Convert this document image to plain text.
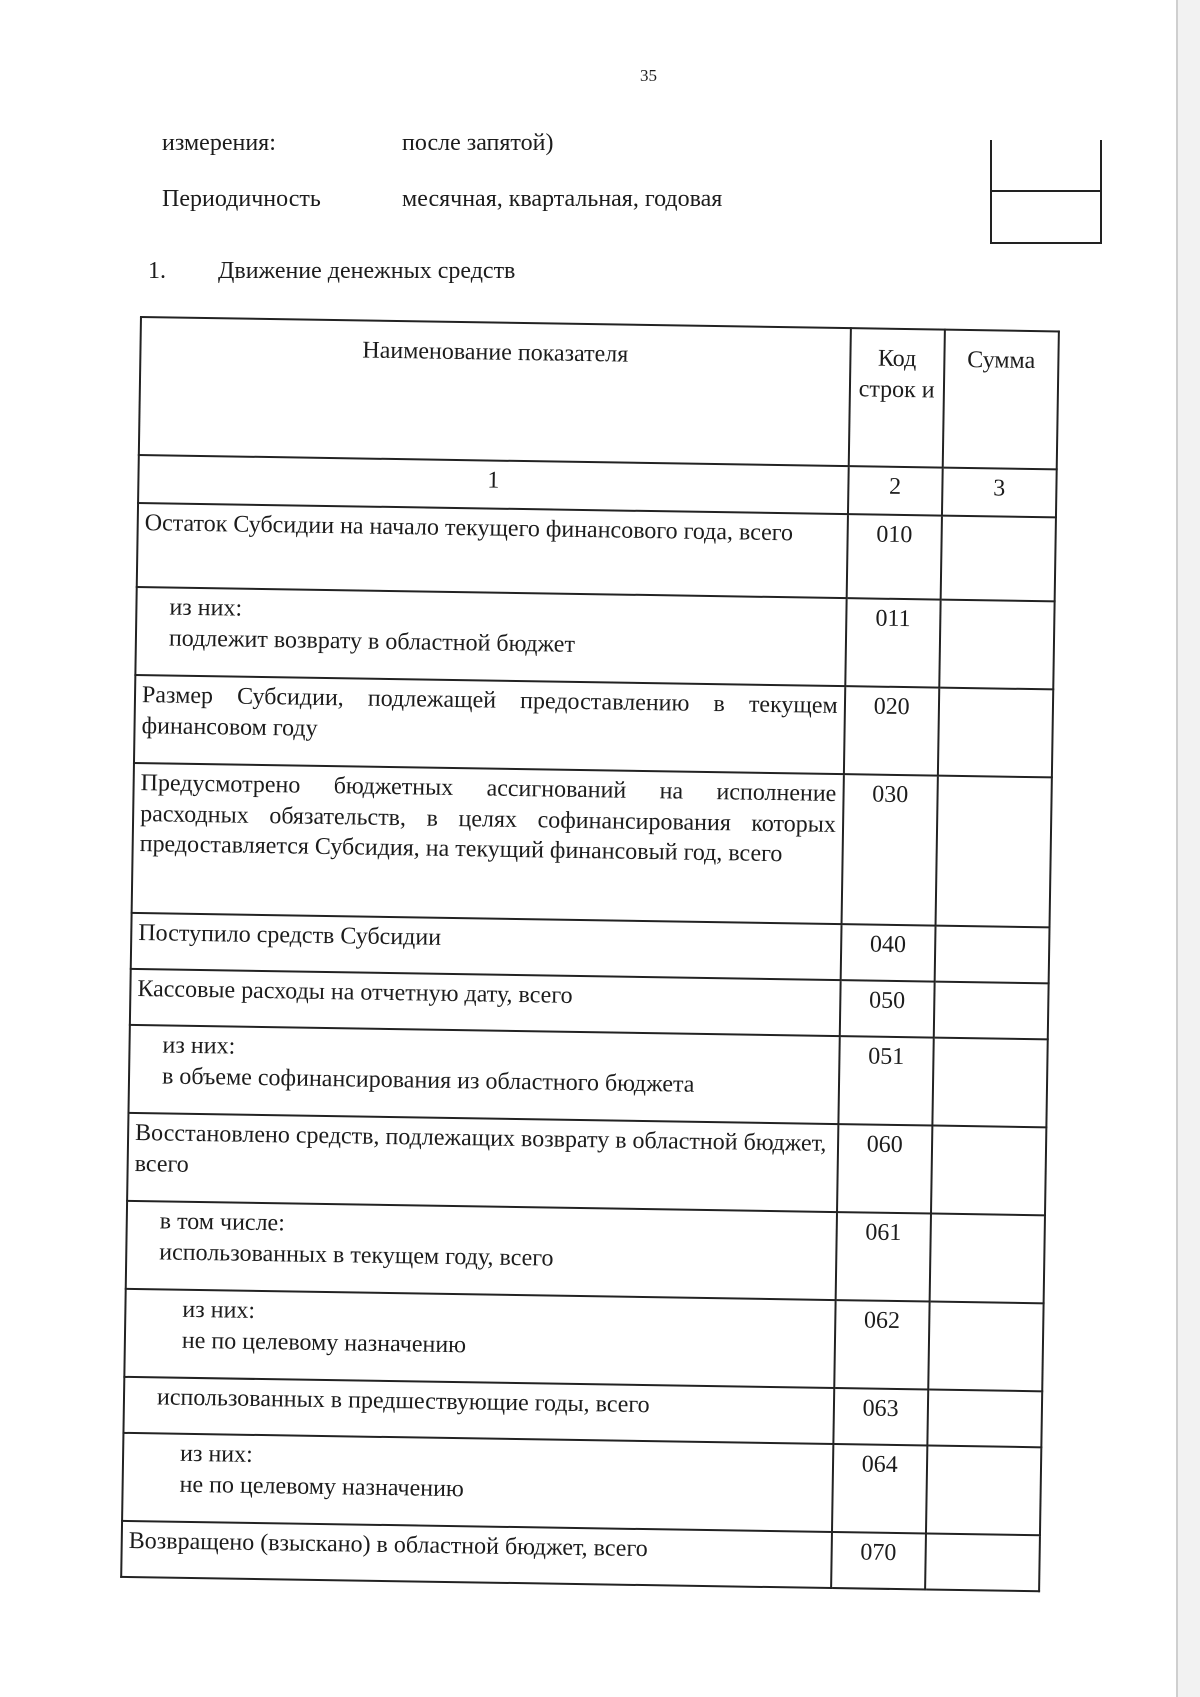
35
измерения:	после запятой)
Периодичность	месячная, квартальная, годовая
1. Движение денежных средств
Наименование показателя	Код строк и	Сумма
1	2	3

Остаток Субсидии на начало текущего финансового года, всего	010	

из них:
подлежит возврату в областной бюджет	011	

Размер Субсидии, подлежащей предоставлению в текущем финансовом году	020	

Предусмотрено бюджетных ассигнований на исполнение расходных обязательств, в целях софинансирования которых предоставляется Субсидия, на текущий финансовый год, всего	030	

Поступило средств Субсидии	040	

Кассовые расходы на отчетную дату, всего	050	

из них:
в объеме софинансирования из областного бюджета	051	

Восстановлено средств, подлежащих возврату в областной бюджет, всего	060	

в том числе:
использованных в текущем году, всего	061	

из них:
не по целевому назначению	062	

использованных в предшествующие годы, всего	063	

из них:
не по целевому назначению	064	

Возвращено (взыскано) в областной бюджет, всего	070	
